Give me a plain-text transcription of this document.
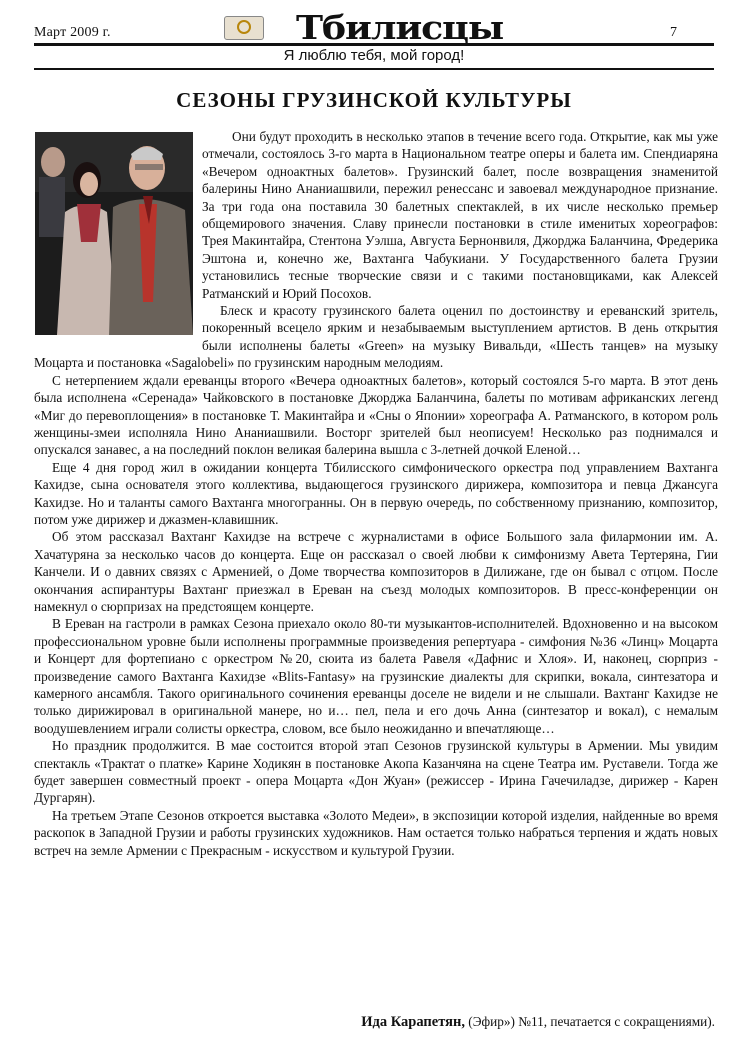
Март 2009 г.	Тбилисцы	7
Я люблю тебя, мой город!
СЕЗОНЫ ГРУЗИНСКОЙ КУЛЬТУРЫ

Они будут проходить в несколько этапов в течение всего года. Открытие, как мы уже отмечали, состоялось 3-го марта в Национальном театре оперы и балета им. Спендиаряна «Вечером одноактных балетов». Грузинский балет, после возвращения знаменитой балерины Нино Ананиашвили, пережил ренессанс и завоевал международное признание. За три года она поставила 30 балетных спектаклей, в их числе несколько премьер общемирового значения. Славу принесли постановки в стиле именитых хореографов: Трея Макинтайра, Стентона Уэлша, Августа Бернонвиля, Джорджа Баланчина, Фредерика Эштона и, конечно же, Вахтанга Чабукиани. У Государственного балета Грузии установились тесные творческие связи и с такими постановщиками, как Алексей Ратманский и Юрий Посохов.

Блеск и красоту грузинского балета оценил по достоинству и ереванский зритель, покоренный всецело ярким и незабываемым выступлением артистов. В день открытия были исполнены балеты «Green» на музыку Вивальди, «Шесть танцев» на музыку Моцарта и постановка «Sagalobeli» по грузинским народным мелодиям.

С нетерпением ждали ереванцы второго «Вечера одноактных балетов», который состоялся 5-го марта. В этот день была исполнена «Серенада» Чайковского в постановке Джорджа Баланчина, балеты по мотивам африканских легенд «Миг до перевоплощения» в постановке Т. Макинтайра и «Сны о Японии» хореографа А. Ратманского, в котором роль женщины-змеи исполняла Нино Ананиашвили. Восторг зрителей был неописуем! Несколько раз поднимался и опускался занавес, а на последний поклон великая балерина вышла с 3-летней дочкой Еленой…

Еще 4 дня город жил в ожидании концерта Тбилисского симфонического оркестра под управлением Вахтанга Кахидзе, сына основателя этого коллектива, выдающегося грузинского дирижера, композитора и певца Джансуга Кахидзе. Но и таланты самого Вахтанга многогранны. Он в первую очередь, по собственному признанию, композитор, потом уже дирижер и джазмен-клавишник.

Об этом рассказал Вахтанг Кахидзе на встрече с журналистами в офисе Большого зала филармонии им. А. Хачатуряна за несколько часов до концерта. Еще он рассказал о своей любви к симфонизму Авета Тертеряна, Гии Канчели. И о давних связях с Арменией, о Доме творчества композиторов в Дилижане, где он бывал с отцом. После окончания аспирантуры Вахтанг приезжал в Ереван на съезд молодых композиторов. В пресс-конференции он намекнул о сюрпризах на предстоящем концерте.

В Ереван на гастроли в рамках Сезона приехало около 80-ти музыкантов-исполнителей. Вдохновенно и на высоком профессиональном уровне были исполнены программные произведения репертуара - симфония №36 «Линц» Моцарта и Концерт для фортепиано с оркестром №20, сюита из балета Равеля «Дафнис и Хлоя». И, наконец, сюрприз - произведение самого Вахтанга Кахидзе «Blits-Fantasy» на грузинские диалекты для скрипки, вокала, синтезатора и камерного ансамбля. Такого оригинального сочинения ереванцы доселе не видели и не слышали. Вахтанг Кахидзе не только дирижировал в оригинальной манере, но и… пел, пела и его дочь Анна (синтезатор и вокал), с немалым воодушевлением играли солисты оркестра, словом, все было неожиданно и впечатляюще…

Но праздник продолжится. В мае состоится второй этап Сезонов грузинской культуры в Армении. Мы увидим спектакль «Трактат о платке» Карине Ходикян в постановке Акопа Казанчяна на сцене Театра им. Руставели. Тогда же будет завершен совместный проект - опера Моцарта «Дон Жуан» (режиссер - Ирина Гачечиладзе, дирижер - Карен Дургарян).

На третьем Этапе Сезонов откроется выставка «Золото Медеи», в экспозиции которой изделия, найденные во время раскопок в Западной Грузии и работы грузинских художников. Нам остается только набраться терпения и ждать новых встреч на земле Армении с Прекрасным - искусством и культурой Грузии.

Ида Карапетян, (Эфир») №11, печатается с сокращениями).
